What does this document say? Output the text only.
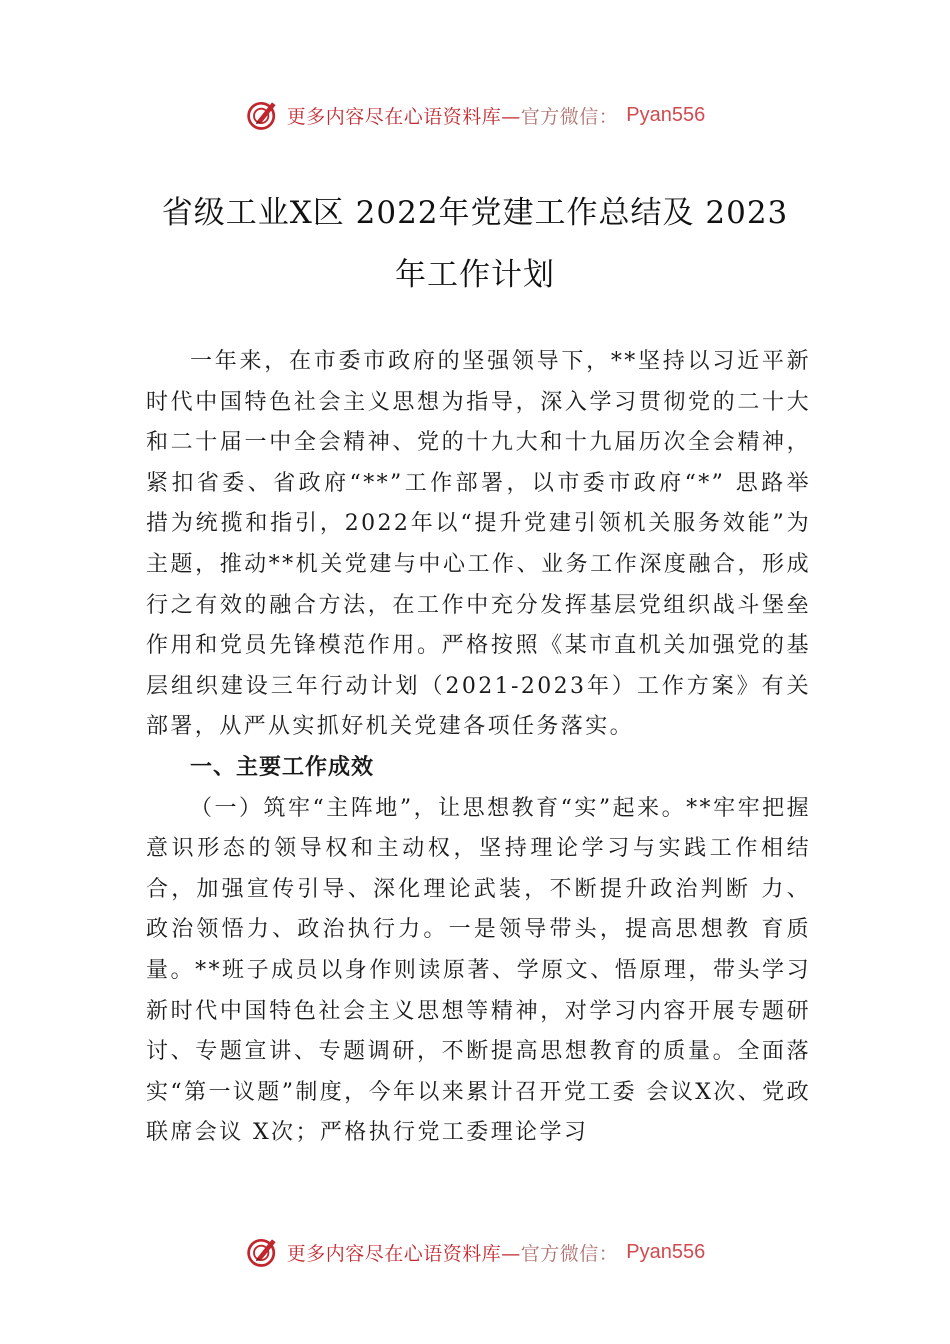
更多内容尽在心语资料库—官方微信： Pyan556
省级工业X区 2022年党建工作总结及 2023
年工作计划

一年来，在市委市政府的坚强领导下，**坚持以习近平新时代中国特色社会主义思想为指导，深入学习贯彻党的二十大和二十届一中全会精神、党的十九大和十九届历次全会精神，紧扣省委、省政府“**”工作部署，以市委市政府“*” 思路举措为统揽和指引，2022年以“提升党建引领机关服务效能”为主题，推动**机关党建与中心工作、业务工作深度融合，形成行之有效的融合方法，在工作中充分发挥基层党组织战斗堡垒作用和党员先锋模范作用。严格按照《某市直机关加强党的基层组织建设三年行动计划（2021-2023年）工作方案》有关部署，从严从实抓好机关党建各项任务落实。

一、主要工作成效

（一）筑牢“主阵地”，让思想教育“实”起来。**牢牢把握意识形态的领导权和主动权，坚持理论学习与实践工作相结合，加强宣传引导、深化理论武装，不断提升政治判断 力、政治领悟力、政治执行力。一是领导带头，提高思想教 育质量。**班子成员以身作则读原著、学原文、悟原理，带头学习新时代中国特色社会主义思想等精神，对学习内容开展专题研讨、专题宣讲、专题调研，不断提高思想教育的质量。全面落实“第一议题”制度，今年以来累计召开党工委 会议X次、党政联席会议 X次；严格执行党工委理论学习

更多内容尽在心语资料库—官方微信： Pyan556
